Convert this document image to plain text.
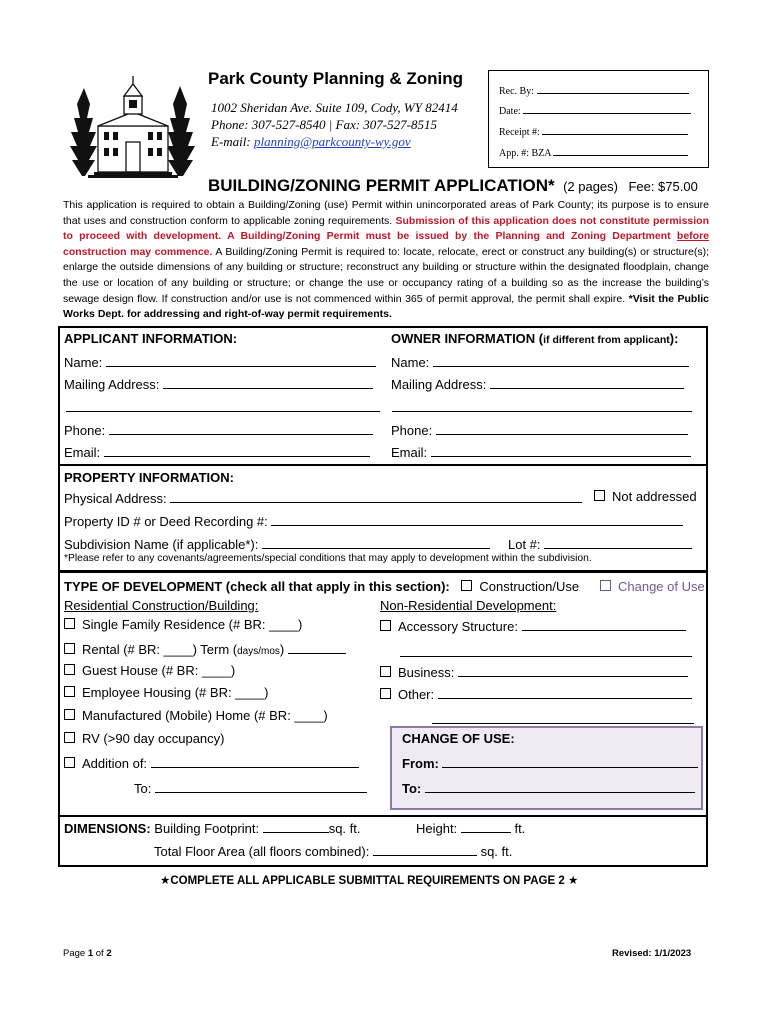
Park County Planning & Zoning
1002 Sheridan Ave. Suite 109, Cody, WY 82414
Phone: 307-527-8540 | Fax: 307-527-8515
E-mail: planning@parkcounty-wy.gov
Rec. By:
Date:
Receipt #:
App. #: BZA
BUILDING/ZONING PERMIT APPLICATION* (2 pages) Fee: $75.00
This application is required to obtain a Building/Zoning (use) Permit within unincorporated areas of Park County; its purpose is to ensure that uses and construction conform to applicable zoning requirements. Submission of this application does not constitute permission to proceed with development. A Building/Zoning Permit must be issued by the Planning and Zoning Department before construction may commence. A Building/Zoning Permit is required to: locate, relocate, erect or construct any building(s) or structure(s); enlarge the outside dimensions of any building or structure; reconstruct any building or structure within the designated floodplain, change the use or location of any building or structure; or change the use or occupancy rating of a building so as the increase the building’s sewage design flow. If construction and/or use is not commenced within 365 of permit approval, the permit shall expire. *Visit the Public Works Dept. for addressing and right-of-way permit requirements.
APPLICANT INFORMATION:	OWNER INFORMATION (if different from applicant):
Name:	Name:
Mailing Address:	Mailing Address:
Phone:	Phone:
Email:	Email:
PROPERTY INFORMATION:
Physical Address:	Not addressed
Property ID # or Deed Recording #:
Subdivision Name (if applicable*):	Lot #:
*Please refer to any covenants/agreements/special conditions that may apply to development within the subdivision.
TYPE OF DEVELOPMENT (check all that apply in this section): Construction/Use	Change of Use
Residential Construction/Building:	Non-Residential Development:
Single Family Residence (# BR: ____)
Rental (# BR: ____) Term (days/mos)
Guest House (# BR: ____)
Employee Housing (# BR: ____)
Manufactured (Mobile) Home (# BR: ____)
RV (>90 day occupancy)
Addition of:
To:
Accessory Structure:
Business:
Other:
CHANGE OF USE:
From:
To:
DIMENSIONS: Building Footprint:	sq. ft.	Height:	ft.
Total Floor Area (all floors combined):	sq. ft.
★COMPLETE ALL APPLICABLE SUBMITTAL REQUIREMENTS ON PAGE 2 ★
Page 1 of 2	Revised: 1/1/2023
